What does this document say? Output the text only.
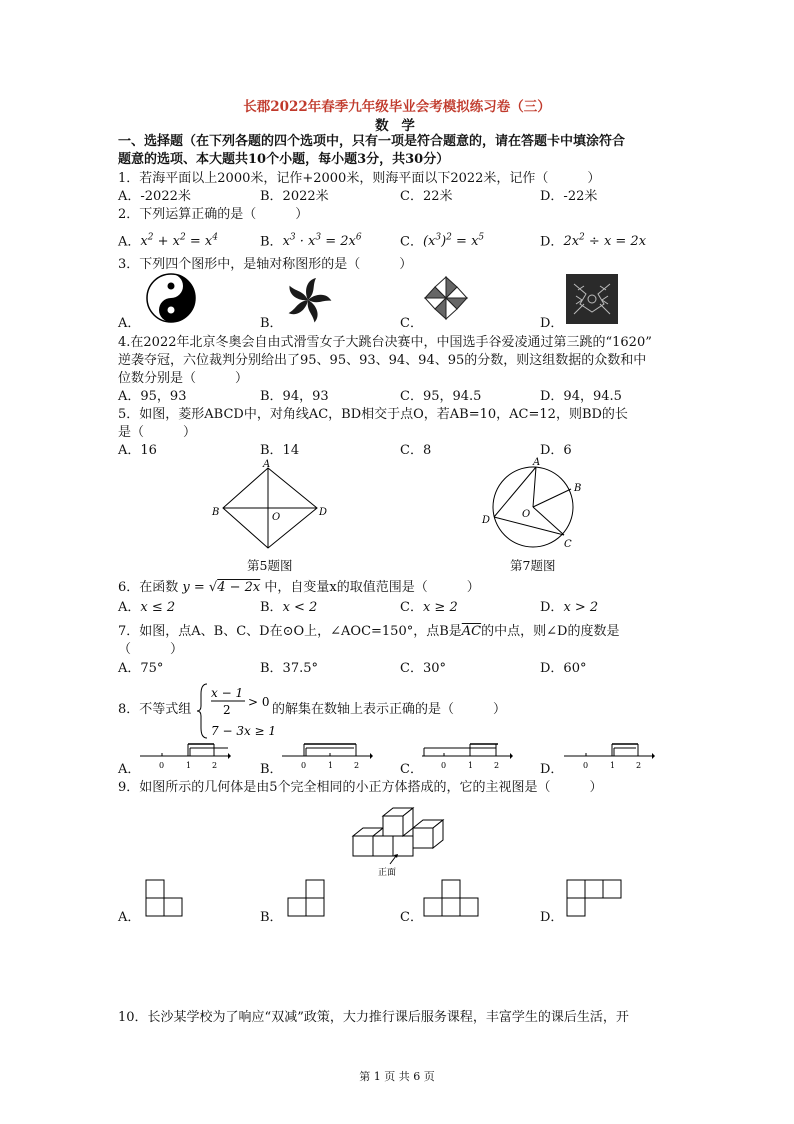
长郡2022年春季九年级毕业会考模拟练习卷（三）
数 学
一、选择题（在下列各题的四个选项中，只有一项是符合题意的，请在答题卡中填涂符合
题意的选项、本大题共10个小题，每小题3分，共30分）
1．若海平面以上2000米，记作+2000米，则海平面以下2022米，记作（　　　）
A．-2022米	B．2022米	C．22米	D．-22米
2．下列运算正确的是（　　　）
A．$x^2 + x^2 = x^4$	B．$x^3 \cdot x^3 = 2x^6$	C．$(x^3)^2 = x^5$	D．$2x^2 \div x = 2x$
3．下列四个图形中，是轴对称图形的是（　　　）
A．	B．	C．	D．
4.在2022年北京冬奥会自由式滑雪女子大跳台决赛中，中国选手谷爱凌通过第三跳的“1620”
逆袭夺冠，六位裁判分别给出了95、95、93、94、94、95的分数，则这组数据的众数和中
位数分别是（　　　）
A．95，93	B．94，93	C．95，94.5	D．94，94.5
5．如图，菱形ABCD中，对角线AC，BD相交于点O，若AB=10，AC=12，则BD的长
是（　　　）
A．16	B．14	C．8	D．6
A
B	D
O
第5题图
A
B
C
D
O
第7题图
6．在函数 y = √4 − 2x 中，自变量x的取值范围是（　　　）
A．x ≤ 2	B．x < 2	C．x ≥ 2	D．x > 2
7．如图，点A、B、C、D在⊙O上，∠AOC=150°，点B是$\overline{AC}$的中点，则∠D的度数是
（　　　）
A．75°	B．37.5°	C．30°	D．60°
8．不等式组
x − 1
2
> 0
7 − 3x ≥ 1
的解集在数轴上表示正确的是（　　　）
A．	B．	C．	D．
0	1	2	0	1	2	0	1	2	0	1	2
9．如图所示的几何体是由5个完全相同的小正方体搭成的，它的主视图是（　　　）
正面
A．	B．	C．	D．
10．长沙某学校为了响应“双减”政策，大力推行课后服务课程，丰富学生的课后生活，开
第 1 页 共 6 页
